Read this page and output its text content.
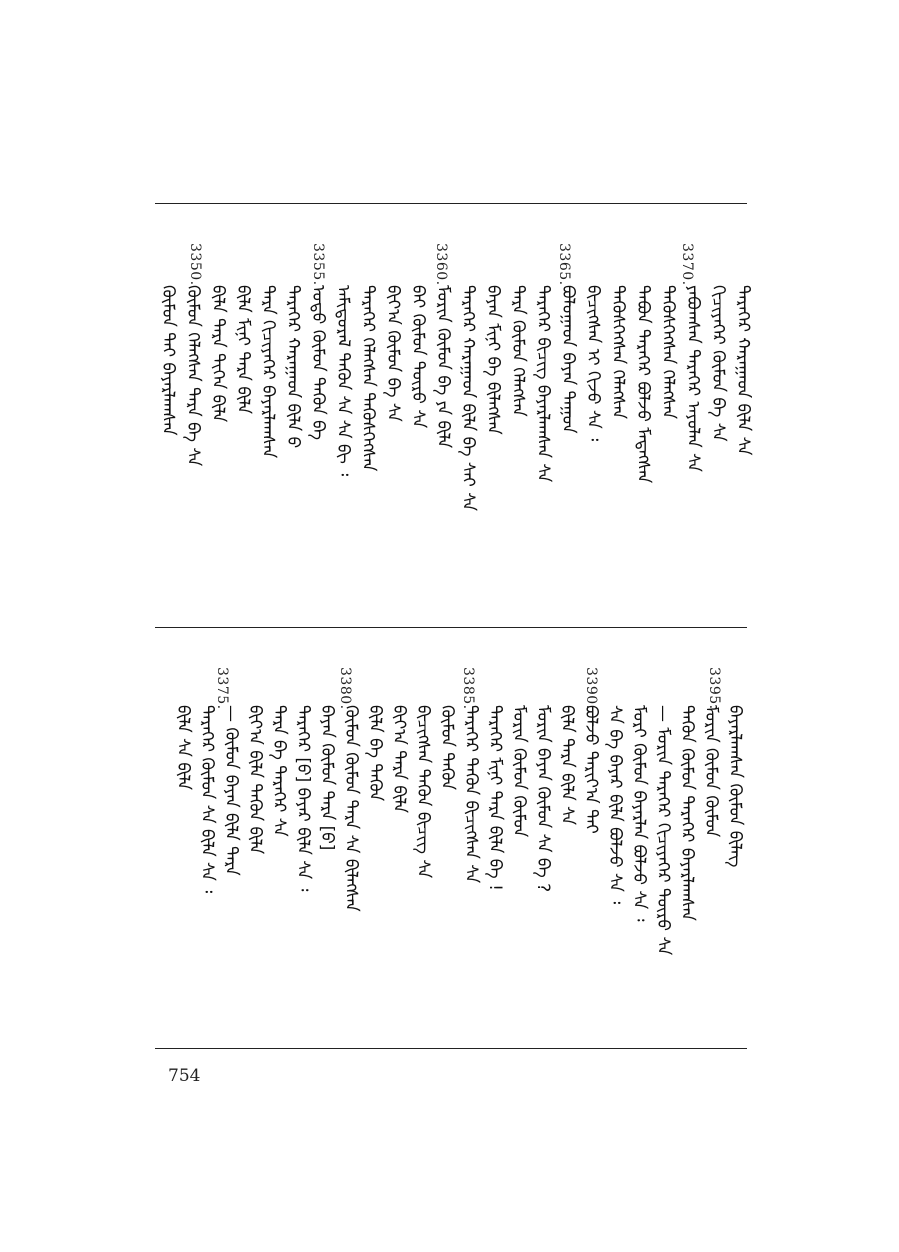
3370.
3365.
3360.
3355.
3350.
ᠲᠡᠷᠡᠭᠡᠷ ᠬᠠᠷᠠᠭᠠᠳ ᠪᠢᠯᠡ ᠰᠡ
ᠬᠢᠴᠢᠶᠡᠭᠡᠷ ᠬᠦᠮᠦᠨ ᠪᠡ ᠰᠡ
ᠶᠠᠪᠤᠭᠰᠠᠨ ᠲᠡᠷᠡᠭᠡᠷ ᠠᠶᠤᠯᠠᠨ ᠰᠡ
ᠲᠡᠭᠦᠰᠬᠡᠭᠰᠡᠨ ᠬᠡᠯᠡᠭᠰᠡᠨ
ᠲᠠᠪᠤᠨ ᠲᠡᠷᠡᠭᠡᠷ ᠪᠤᠯᠵᠤ ᠮᠡᠳᠡᠭᠰᠡᠨ
ᠲᠡᠭᠦᠰᠬᠡᠭᠰᠡᠨ ᠬᠡᠯᠡᠭᠰᠡᠨ
ᠪᠢᠴᠢᠭᠰᠡᠨ ᠢ ᠬᠢᠵᠦ ᠰᠡ ᠄
ᠪᠣᠯᠤᠭᠠᠳ ᠪᠠᠶᠠᠨ ᠳᠠᠭᠤᠨ
ᠲᠡᠷᠡᠭᠡᠷ ᠪᠢᠴᠢᠭ ᠪᠠᠶᠠᠷᠯᠠᠭᠰᠠᠨ ᠰᠡ
ᠲᠡᠷᠡ ᠬᠦᠮᠦᠨ ᠬᠡᠯᠡᠭᠰᠡᠨ
ᠪᠠᠶᠠᠨ ᠮᠢᠨᠢ ᠪᠡ ᠪᠢᠯᠡᠭᠰᠡᠨ
ᠲᠡᠷᠡᠭᠡᠷ ᠬᠠᠷᠠᠭᠠᠳ ᠪᠢᠯᠡ ᠪᠡ ᠰᠠᠢ ᠰᠡ
ᠮᠣᠷᠢᠨ ᠬᠦᠮᠦᠨ ᠪᠡ ᠶᠠ ᠪᠢᠯᠡ
ᠪᠠᠢ ᠬᠦᠮᠦᠨ ᠲᠦᠷᠦ ᠰᠡ
ᠪᠢᠶ᠎ᠠ ᠬᠦᠮᠦᠨ ᠪᠠ ᠰᠡ
ᠲᠡᠷᠡᠭᠡᠷ ᠬᠡᠯᠡᠭᠰᠡᠨ ᠲᠡᠭᠦᠰᠬᠡᠭᠰᠡᠨ
ᠠᠮᠢᠳᠤᠷᠠᠯ ᠲᠡᠭᠦᠨ ᠰᠡ ᠰᠡ ᠪᠢ ᠄
ᠣᠳᠣ ᠬᠦᠮᠦᠨ ᠲᠡᠭᠦᠨ ᠪᠡ
ᠲᠡᠷᠡᠭᠡᠷ ᠬᠠᠷᠠᠭᠠᠳ ᠪᠢᠯᠡ ᠪ
ᠲᠡᠷᠡ ᠬᠢᠴᠢᠶᠡᠭᠡᠷ ᠪᠠᠶᠠᠷᠯᠠᠭᠰᠠᠨ
ᠪᠢᠯᠡ ᠮᠢᠨᠢ ᠲᠡᠷᠡ ᠪᠢᠯᠡ
ᠪᠢᠯᠡ ᠲᠡᠷᠡ ᠲᠢᠭᠡᠨ ᠪᠢᠯᠡ
ᠬᠦᠮᠦᠨ ᠬᠡᠯᠡᠭᠰᠡᠨ ᠲᠡᠷᠡ ᠪᠠ ᠰᠡ
ᠬᠦᠮᠦᠨ ᠲᠠᠢ ᠪᠠᠶᠠᠷᠯᠠᠭᠰᠠᠨ
3395.
3390.
3385.
3380.
3375.
ᠪᠠᠶᠠᠷᠯᠠᠭᠰᠠᠨ ᠬᠦᠮᠦᠨ ᠪᠢᠯᠡᠭ
ᠮᠣᠷᠢᠨ ᠬᠦᠮᠦᠨ ᠬᠦᠮᠦᠨ
ᠲᠡᠭᠦᠨ ᠬᠦᠮᠦᠨ ᠲᠡᠷᠡᠭᠡᠷ ᠪᠠᠶᠠᠷᠯᠠᠭᠰᠠᠨ
— ᠮᠣᠷᠢᠨ ᠲᠡᠷᠡᠭᠡᠷ ᠬᠢᠴᠢᠶᠡᠭᠡᠷ ᠲᠦᠷᠦ ᠰᠡ
ᠮᠣᠷᠢ ᠬᠦᠮᠦᠨ ᠪᠠᠶᠠᠷᠯᠠᠨ ᠪᠣᠯᠵᠤ ᠰᠡ ᠄
ᠰᠡ ᠪᠡ ᠪᠠᠶᠠᠷ ᠪᠢᠯᠡ ᠪᠣᠯᠵᠤ ᠰᠡ ᠄
ᠪᠣᠯᠵᠤ ᠲᠠᠷᠢᠶ᠎ᠠ ᠲᠠᠢ
ᠪᠢᠯᠡ ᠲᠡᠷᠡ ᠪᠢᠯᠡ ᠰᠡ
ᠮᠣᠷᠢᠨ ᠪᠠᠶᠠᠨ ᠬᠦᠮᠦᠨ ᠰᠡ ᠪᠡ ?
ᠮᠣᠷᠢᠨ ᠬᠦᠮᠦᠨ ᠬᠦᠮᠦᠨ
ᠲᠡᠷᠡᠭᠡᠷ ᠮᠢᠨᠢ ᠲᠡᠷᠡ ᠪᠢᠯᠡ ᠪᠡ !
ᠲᠡᠷᠡᠭᠡᠷ ᠲᠡᠭᠦᠨ ᠪᠢᠴᠢᠭᠰᠡᠨ ᠰᠡ
ᠬᠦᠮᠦᠨ ᠲᠡᠭᠦᠨ
ᠪᠢᠴᠢᠭᠰᠡᠨ ᠲᠡᠭᠦᠨ ᠪᠢᠴᠢᠭ ᠰᠡ
ᠪᠢᠶ᠎ᠠ ᠲᠡᠷᠡ ᠪᠢᠯᠡ
ᠪᠢᠯᠡ ᠪᠡ ᠲᠡᠭᠦᠨ
ᠬᠦᠮᠦᠨ ᠬᠦᠮᠦᠨ ᠲᠡᠷᠡ ᠰᠡ ᠪᠢᠯᠡᠭᠰᠡᠨ
ᠪᠠᠶᠠᠨ ᠬᠦᠮᠦᠨ ᠲᠡᠷᠡ [ᠪ]
ᠲᠡᠷᠡᠭᠡᠷ [ᠪ] ᠪᠠᠶᠠᠷ ᠪᠢᠯᠡ ᠰᠡ ᠄
ᠲᠡᠷᠡ ᠪᠡ ᠲᠡᠷᠡᠭᠡᠷ ᠰᠡ
ᠪᠢᠶ᠎ᠠ ᠪᠢᠯᠡ ᠲᠡᠭᠦᠨ ᠪᠢᠯᠡ
— ᠬᠦᠮᠦᠨ ᠪᠠᠶᠠᠨ ᠪᠢᠯᠡ ᠲᠡᠷᠡ
ᠲᠡᠷᠡᠭᠡᠷ ᠬᠦᠮᠦᠨ ᠰᠡ ᠪᠢᠯᠡ ᠰᠡ ᠄
ᠪᠢᠯᠡ ᠰᠡ ᠪᠢᠯᠡ
754
